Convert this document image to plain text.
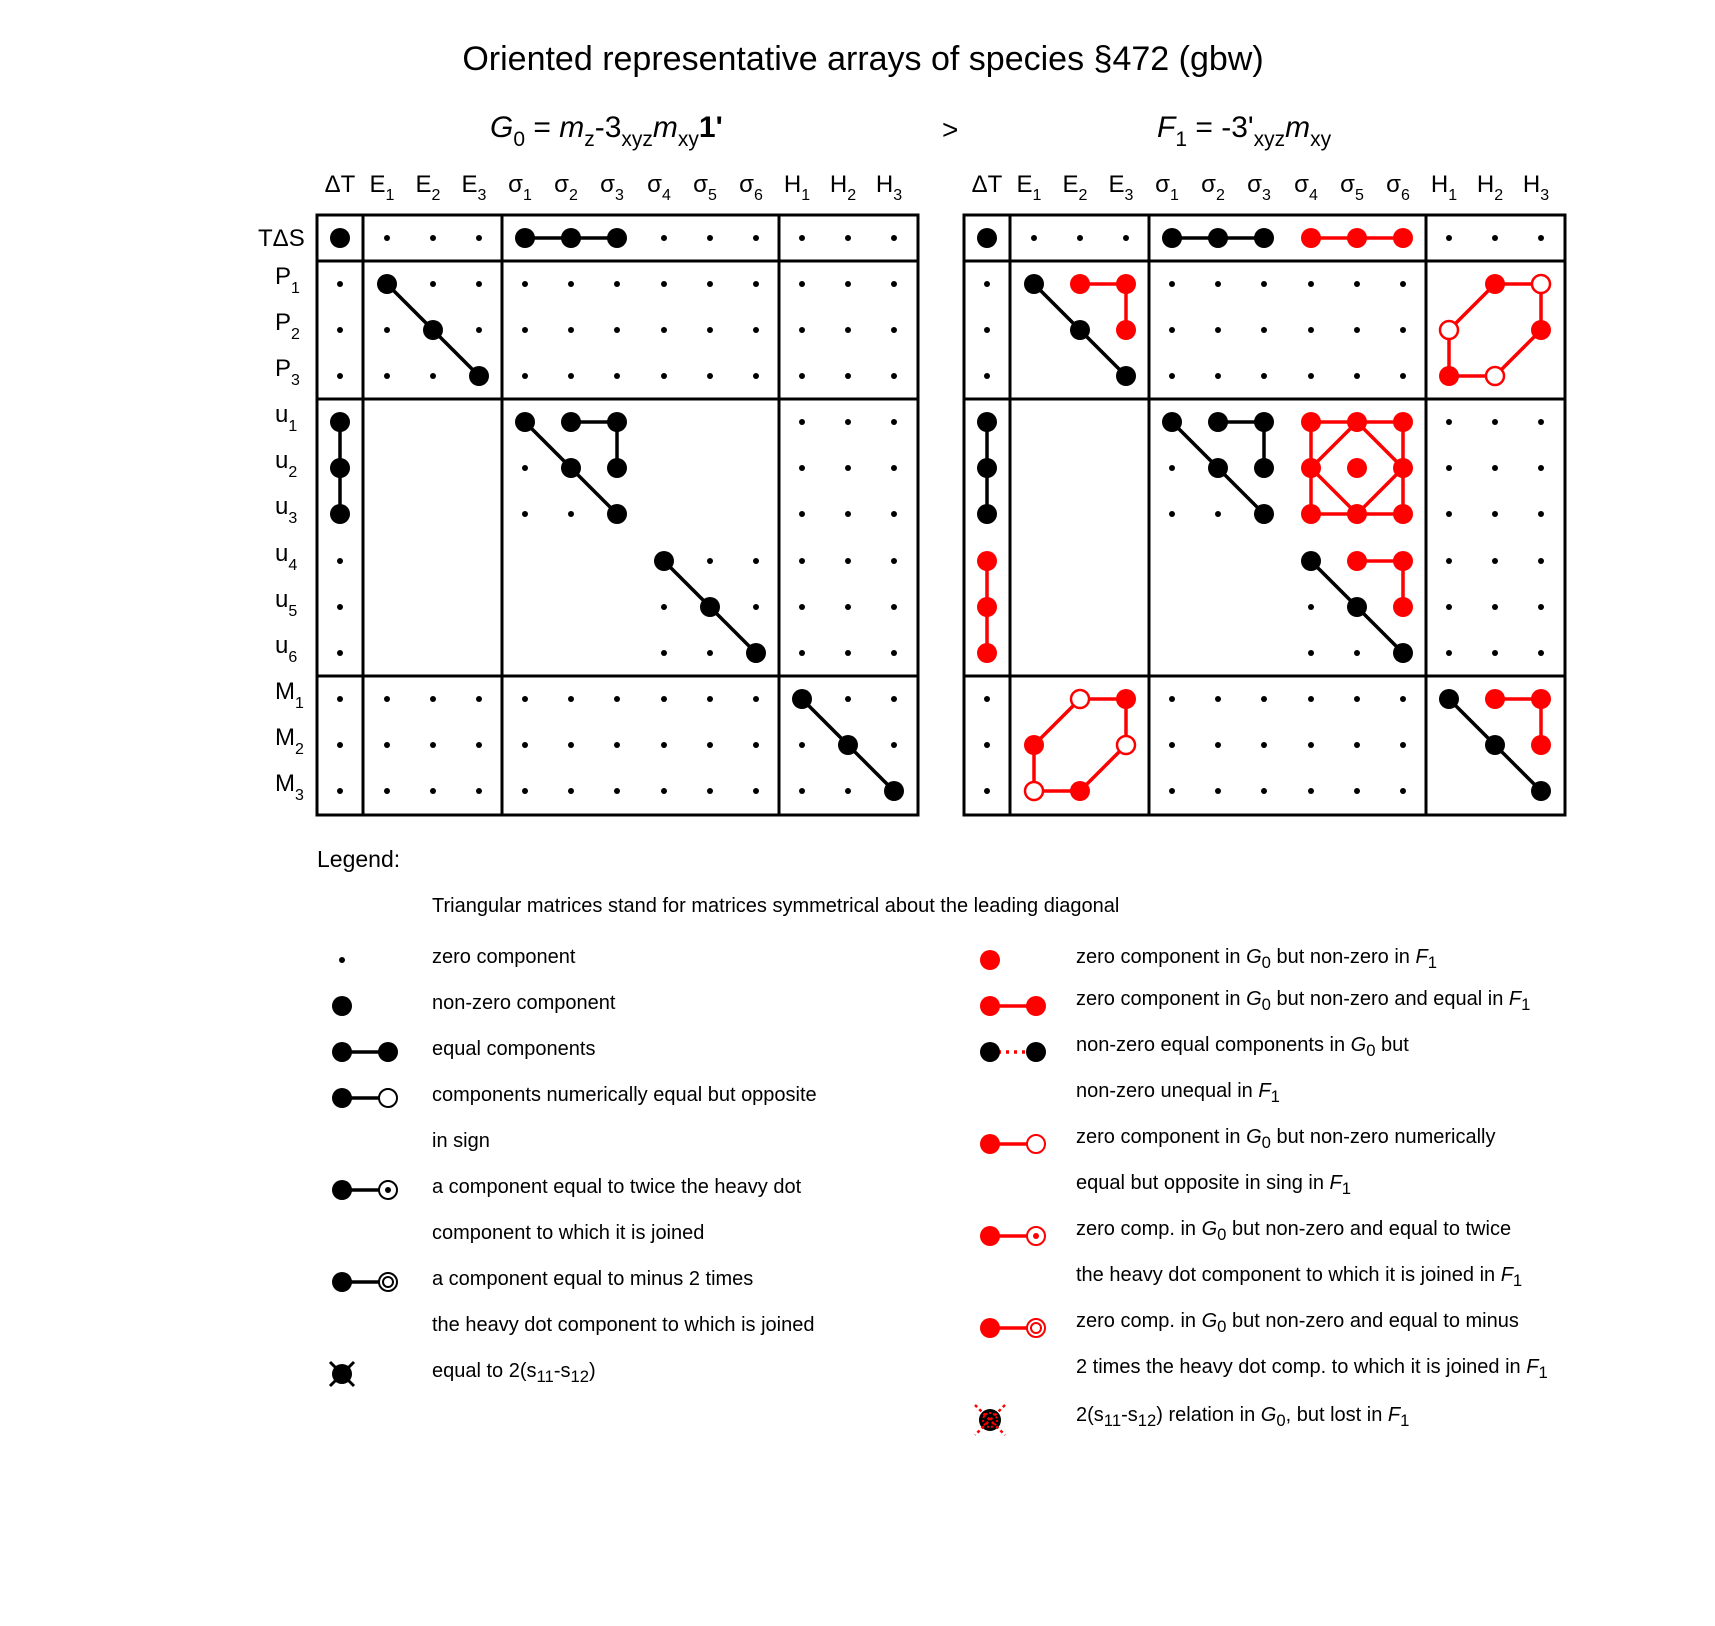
Oriented representative arrays of species §472 (gbw)
$G_0 = m_z-3_{xyz}m_{xy}1'$	>	$F_1 = -3'_{xyz}m_{xy}$
ΔT $E_1$ $E_2$ $E_3$ $\sigma_1$ $\sigma_2$ $\sigma_3$ $\sigma_4$ $\sigma_5$ $\sigma_6$ $H_1$ $H_2$ $H_3$
TΔS
$P_1$
$P_2$
$P_3$
$u_1$
$u_2$
$u_3$
$u_4$
$u_5$
$u_6$
$M_1$
$M_2$
$M_3$
ΔT $E_1$ $E_2$ $E_3$ $\sigma_1$ $\sigma_2$ $\sigma_3$ $\sigma_4$ $\sigma_5$ $\sigma_6$ $H_1$ $H_2$ $H_3$
Legend:
Triangular matrices stand for matrices symmetrical about the leading diagonal
zero component
non-zero component
equal components
components numerically equal but opposite
in sign
a component equal to twice the heavy dot
component to which it is joined
a component equal to minus 2 times
the heavy dot component to which is joined
equal to $2(s_{11}-s_{12})$
zero component in $G_0$ but non-zero in $F_1$
zero component in $G_0$ but non-zero and equal in $F_1$
non-zero equal components in $G_0$ but
non-zero unequal in $F_1$
zero component in $G_0$ but non-zero numerically
equal but opposite in sing in $F_1$
zero comp. in $G_0$ but non-zero and equal to twice
the heavy dot component to which it is joined in $F_1$
zero comp. in $G_0$ but non-zero and equal to minus
2 times the heavy dot comp. to which it is joined in $F_1$
$2(s_{11}-s_{12})$ relation in $G_0$, but lost in $F_1$
